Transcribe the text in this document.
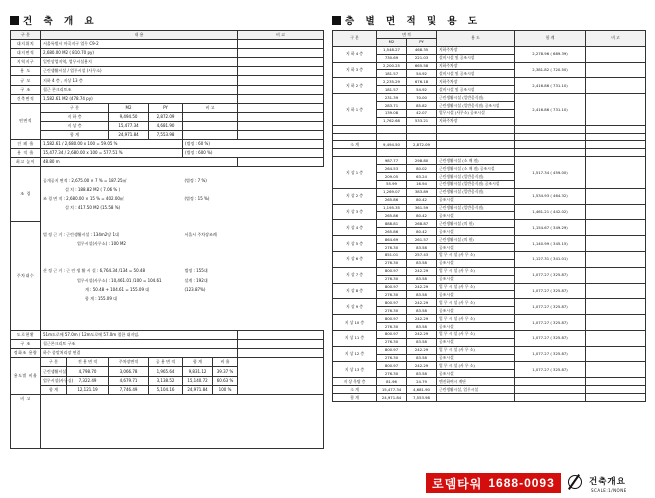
건 축 개 요	층 별 면 적 및 용 도
구 분	내 용						비 고
대지위치	서울특별시 마곡지구 업무 C9-2						
대지면적	2,680.00 M2 ( 810.70 py)						
지역지구	일반상업지역, 업무시설용지						
용 도	근린생활시설 / 업무시설 (사무소)						
규 모	지하 4 층 , 지상 13 층						
구 조	철근 콘크리트조						
건축면적	1,582.61 M2 (478.74 py)						
연면적	구 분		M2	PY	비 고		
	지 하 층		9,494.50	2,872.09			

	지 상 층		15,477.34	4,681.90			

	합 계		24,971.84	7,553.98			

건 폐 율	1,582.61 / 2,680.00 x 100 = 59.05 %				(법정 : 60 %)		
용 적 율	15,477.34 / 2,680.00 x 100 = 577.51 %				(법정 : 600 %)		
최고 높이	48.80 m						
조 경							
	공개공지 면적 : 2,675.00 × 7 % = 187.25㎡				(법정 : 7 %)		
	설 치 : 188.82 M2 ( 7.06 % )						
	조 경 면 적 : 2,680.00 × 15 % = 402.00㎡				(법정 : 15 %)		
	설 치 : 417.50 M2 (15.58 %)						

주차대수							
	법 정 근 거 : 근린생활시설 : 134m2당 1대				서울시 주차장조례		
	업무시설(사무소) : 100 M2						

	산 정 근 거 : 근 린 생 활 시 설 : 6,764.34 /134 = 50.48				법정 : 155대		
	업무시설(사무소) : 10,461.01 /100 = 104.61				설계 : 192대		
	계 : 50.48 + 104.61 = 155.09 대				(123.87%)		
	합 계 : 155.09 대						

도로현황	51m도로에 57.0m / 12m도로에 57.0m 접한 대지임.						
구 조	철근콘크리트 구조						
정화조 용량	하수 종말처리장 연결						
용도별 비율	구 분	전 용 면 적	주차장면적	공 용 면 적	합 계	비 율	
	근린생활시설	4,798.70	3,066.78	1,965.64	9,831.12	39.37 %	
	업무시설(사무실)	7,322.49	4,679.71	3,138.52	15,140.72	60.63 %	
	합 계	12,121.19	7,746.49	5,104.16	24,971.84	100 %	

비 고							
구 분	면 적		용 도	합 계	비 고
	M2	PY			
지 하 4 층	1,548.27	468.35	지하주차장	2,278.96 ( 689.39)	
	730.69	221.03	설비시설 및 공조시설		
지 하 3 층	2,200.25	665.58	지하주차장	2,381.82 ( 720.50)	
	181.57	54.92	설비시설 및 공조시설		
지 하 2 층	2,235.29	676.18	지하주차장	2,416.86 ( 731.10)	
	181.57	54.92	설비시설 및 공조시설		
지 하 1 층	231.39	70.00	근린생활시설 (일반음식점)	2,416.86 ( 731.10)	
	283.71	85.82	근린생활시설 (일반음식점) 공조시설		
	139.08	42.07	업무시설 (사무소) 공조시설		
	1,762.68	533.21	지하주차장		

소 계	9,494.50	2,872.09			

지 상 1 층	987.77	298.80	근린생활시설 (소 매 점)	1,517.34 ( 459.00)	
	264.53	80.02	근린생활시설 (소 매 점) 공조시설		
	209.05	63.24	근린생활시설 (일반음식점)		
	55.99	16.94	근린생활시설 (일반음식점) 공조시설		
지 상 2 층	1,269.07	383.89	근린생활시설 (일반음식점)	1,534.93 ( 464.32)	
	265.86	80.42	공조시설		
지 상 3 층	1,195.35	361.59	근린생활시설 (일반음식점)	1,461.21 ( 442.02)	
	265.86	80.42	공조시설		
지 상 4 층	888.81	268.87	근린생활시설 (의 원)	1,154.67 ( 349.29)	
	265.86	80.42	공조시설		
지 상 5 층	864.69	261.57	근린생활시설 (의 원)	1,140.99 ( 345.15)	
	276.30	83.58	공조시설		
지 상 6 층	851.01	257.43	업 무 시 설 (사 무 소)	1,127.31 ( 341.01)	
	276.30	83.58	공조시설		
지 상 7 층	800.97	242.29	업 무 시 설 (사 무 소)	1,077.27 ( 325.87)	
	276.30	83.58	공조시설		
지 상 8 층	800.97	242.29	업 무 시 설 (사 무 소)	1,077.27 ( 325.87)	
	276.30	83.58	공조시설		
지 상 9 층	800.97	242.29	업 무 시 설 (사 무 소)	1,077.27 ( 325.87)	
	276.30	83.58	공조시설		
지 상 10 층	800.97	242.29	업 무 시 설 (사 무 소)	1,077.27 ( 325.87)	
	276.30	83.58	공조시설		
지 상 11 층	800.97	242.29	업 무 시 설 (사 무 소)	1,077.27 ( 325.87)	
	276.30	83.58	공조시설		
지 상 12 층	800.97	242.29	업 무 시 설 (사 무 소)	1,077.27 ( 325.87)	
	276.30	83.58	공조시설		
지 상 13 층	800.97	242.29	업 무 시 설 (사 무 소)	1,077.27 ( 325.87)	
	276.30	83.58	공조시설		
지 상 옥탑 층	81.96	24.79	엔진하여시 계단		
소 계	15,477.34	4,681.90	근린생활시설, 업무시설		
합 계	24,971.84	7,553.98			
로뎀타워 1688-0093	건축개요
SCALE:1/NONE
